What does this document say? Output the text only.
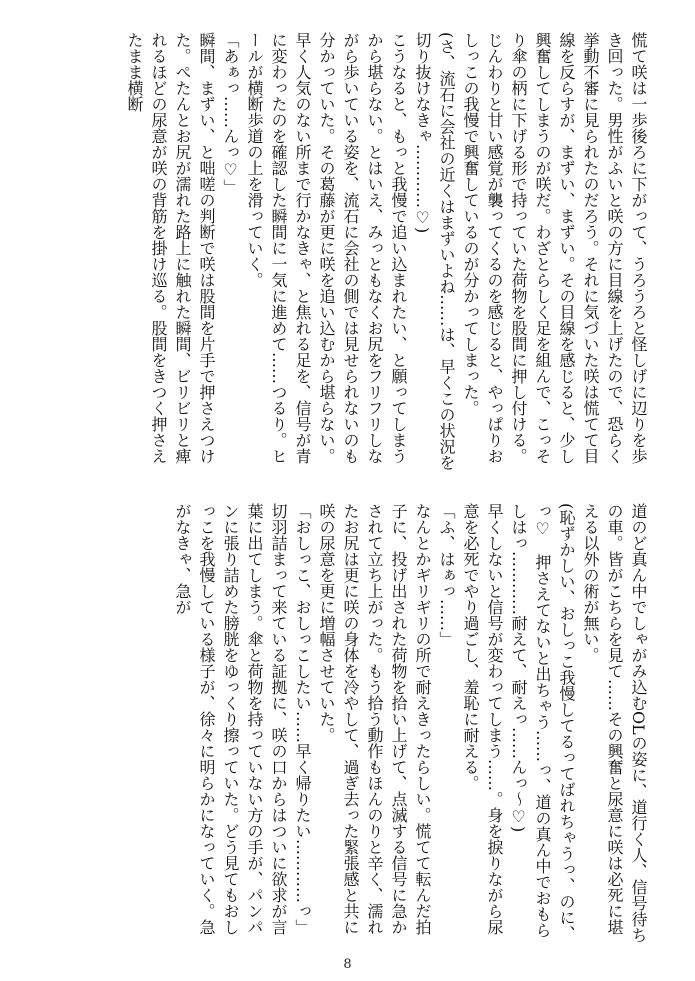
慌て咲は一歩後ろに下がって、うろうろと怪しげに辺りを歩き回った。男性がふいと咲の方に目線を上げたので、恐らく挙動不審に見られたのだろう。それに気づいた咲は慌てて目線を反らすが、まずい、まずい。その目線を感じると、少し興奮してしまうのが咲だ。わざとらしく足を組んで、こっそり傘の柄に下げる形で持っていた荷物を股間に押し付ける。じんわりと甘い感覚が襲ってくるのを感じると、やっぱりおしっこの我慢で興奮しているのが分かってしまった。

(さ、流石に会社の近くはまずいよね……は、早くこの状況を切り抜けなきゃ…………♡)

こうなると、もっと我慢で追い込まれたい、と願ってしまうから堪らない。とはいえ、みっともなくお尻をフリフリしながら歩いている姿を、流石に会社の側では見せられないのも分かっていた。その葛藤が更に咲を追い込むから堪らない。早く人気のない所まで行かなきゃ、と焦れる足を、信号が青に変わったのを確認した瞬間に一気に進めて……つるり。ヒールが横断歩道の上を滑っていく。

「あぁっ……んっ♡」

瞬間、まずい、と咄嗟の判断で咲は股間を片手で押さえつけた。ぺたんとお尻が濡れた路上に触れた瞬間、ビリビリと痺れるほどの尿意が咲の背筋を掛け巡る。股間をきつく押さえたまま横断

道のど真ん中でしゃがみ込むOLの姿に、道行く人、信号待ちの車。皆がこちらを見て……その興奮と尿意に咲は必死に堪える以外の術が無い。

(恥ずかしい、おしっこ我慢してるってばれちゃうっ、のに、っ♡　押さえてないと出ちゃう……っ、道の真ん中でおもらしはっ…………耐えて、耐えっ……んっ〜♡)

早くしないと信号が変わってしまう……。身を捩りながら尿意を必死でやり過ごし、羞恥に耐える。

「ふ、はぁっ……」

なんとかギリギリの所で耐えきったらしい。慌てて転んだ拍子に、投げ出された荷物を拾い上げて、点滅する信号に急かされて立ち上がった。もう拾う動作もほんのりと辛く、濡れたお尻は更に咲の身体を冷やして、過ぎ去った緊張感と共に咲の尿意を更に増幅させていた。

「おしっこ、おしっこしたい……早く帰りたい…………っ」

切羽詰まって来ている証拠に、咲の口からはついに欲求が言葉に出てしまう。傘と荷物を持っていない方の手が、パンパンに張り詰めた膀胱をゆっくり擦っていた。どう見てもおしっこを我慢している様子が、徐々に明らかになっていく。急がなきゃ、急が

8
